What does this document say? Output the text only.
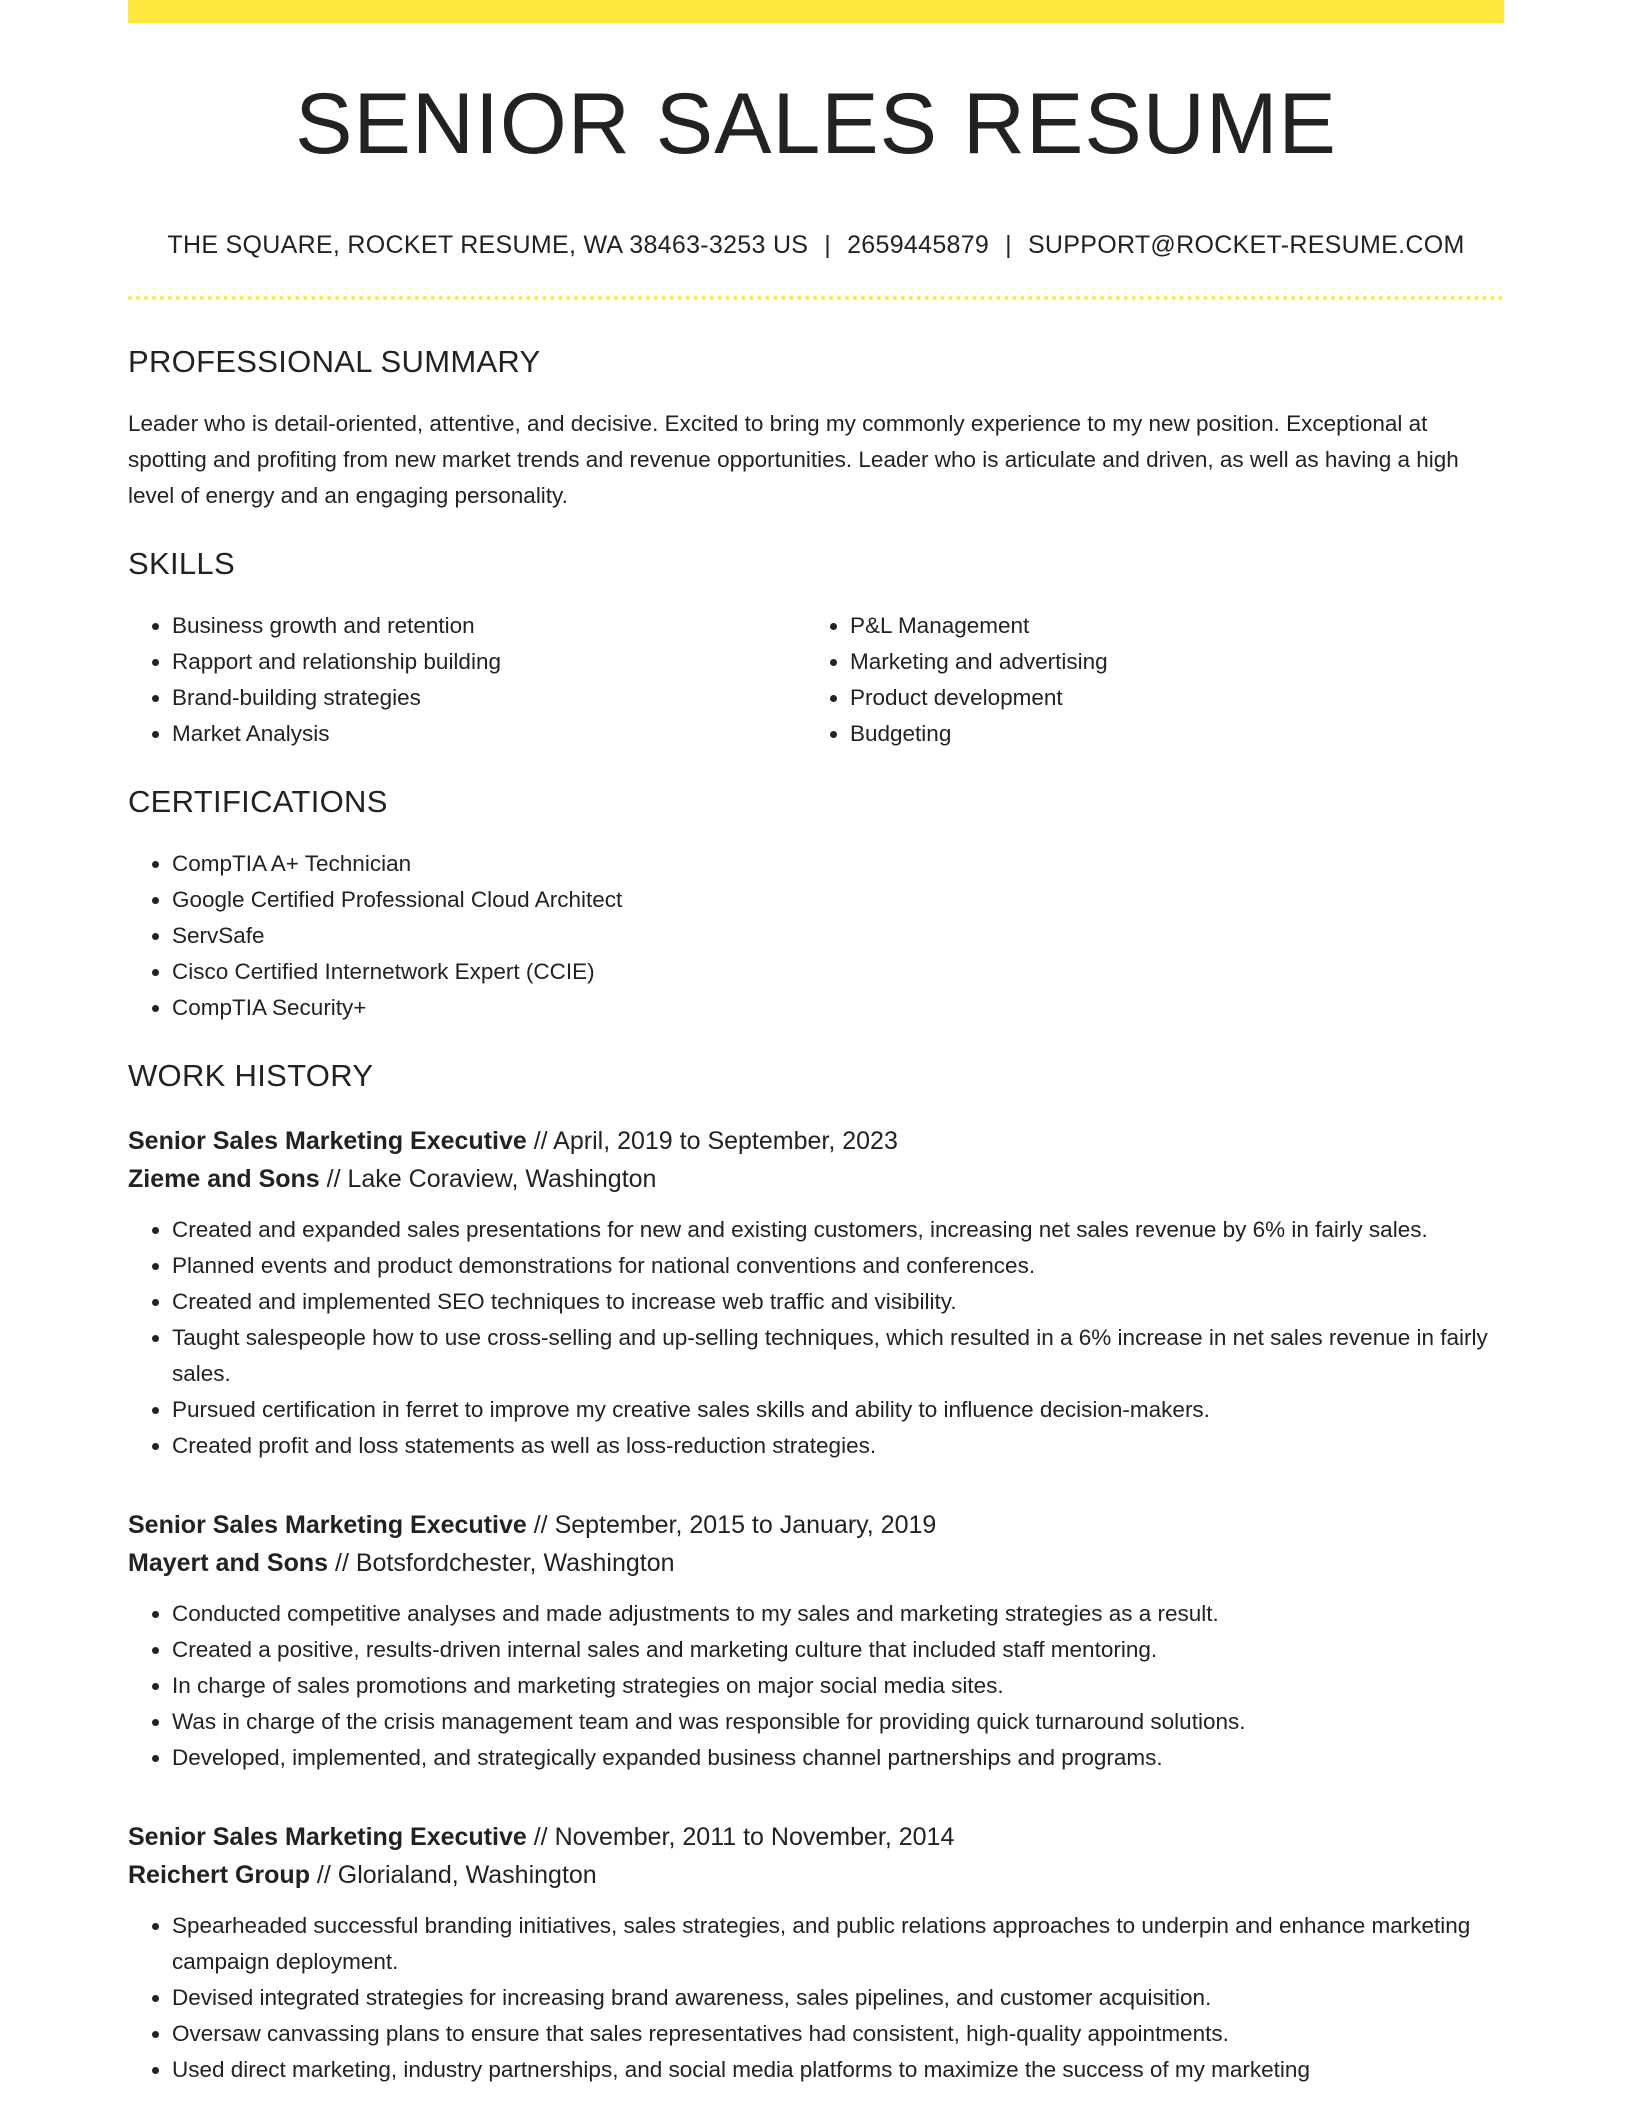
SENIOR SALES RESUME
THE SQUARE, ROCKET RESUME, WA 38463-3253 US | 2659445879 | SUPPORT@ROCKET-RESUME.COM
PROFESSIONAL SUMMARY

Leader who is detail-oriented, attentive, and decisive. Excited to bring my commonly experience to my new position. Exceptional at spotting and profiting from new market trends and revenue opportunities. Leader who is articulate and driven, as well as having a high level of energy and an engaging personality.

SKILLS
• Business growth and retention
• Rapport and relationship building
• Brand-building strategies
• Market Analysis
• P&L Management
• Marketing and advertising
• Product development
• Budgeting
CERTIFICATIONS
• CompTIA A+ Technician
• Google Certified Professional Cloud Architect
• ServSafe
• Cisco Certified Internetwork Expert (CCIE)
• CompTIA Security+
WORK HISTORY
Senior Sales Marketing Executive // April, 2019 to September, 2023
Zieme and Sons // Lake Coraview, Washington
• Created and expanded sales presentations for new and existing customers, increasing net sales revenue by 6% in fairly sales.
• Planned events and product demonstrations for national conventions and conferences.
• Created and implemented SEO techniques to increase web traffic and visibility.
• Taught salespeople how to use cross-selling and up-selling techniques, which resulted in a 6% increase in net sales revenue in fairly sales.
• Pursued certification in ferret to improve my creative sales skills and ability to influence decision-makers.
• Created profit and loss statements as well as loss-reduction strategies.
Senior Sales Marketing Executive // September, 2015 to January, 2019
Mayert and Sons // Botsfordchester, Washington
• Conducted competitive analyses and made adjustments to my sales and marketing strategies as a result.
• Created a positive, results-driven internal sales and marketing culture that included staff mentoring.
• In charge of sales promotions and marketing strategies on major social media sites.
• Was in charge of the crisis management team and was responsible for providing quick turnaround solutions.
• Developed, implemented, and strategically expanded business channel partnerships and programs.
Senior Sales Marketing Executive // November, 2011 to November, 2014
Reichert Group // Glorialand, Washington
• Spearheaded successful branding initiatives, sales strategies, and public relations approaches to underpin and enhance marketing campaign deployment.
• Devised integrated strategies for increasing brand awareness, sales pipelines, and customer acquisition.
• Oversaw canvassing plans to ensure that sales representatives had consistent, high-quality appointments.
• Used direct marketing, industry partnerships, and social media platforms to maximize the success of my marketing
